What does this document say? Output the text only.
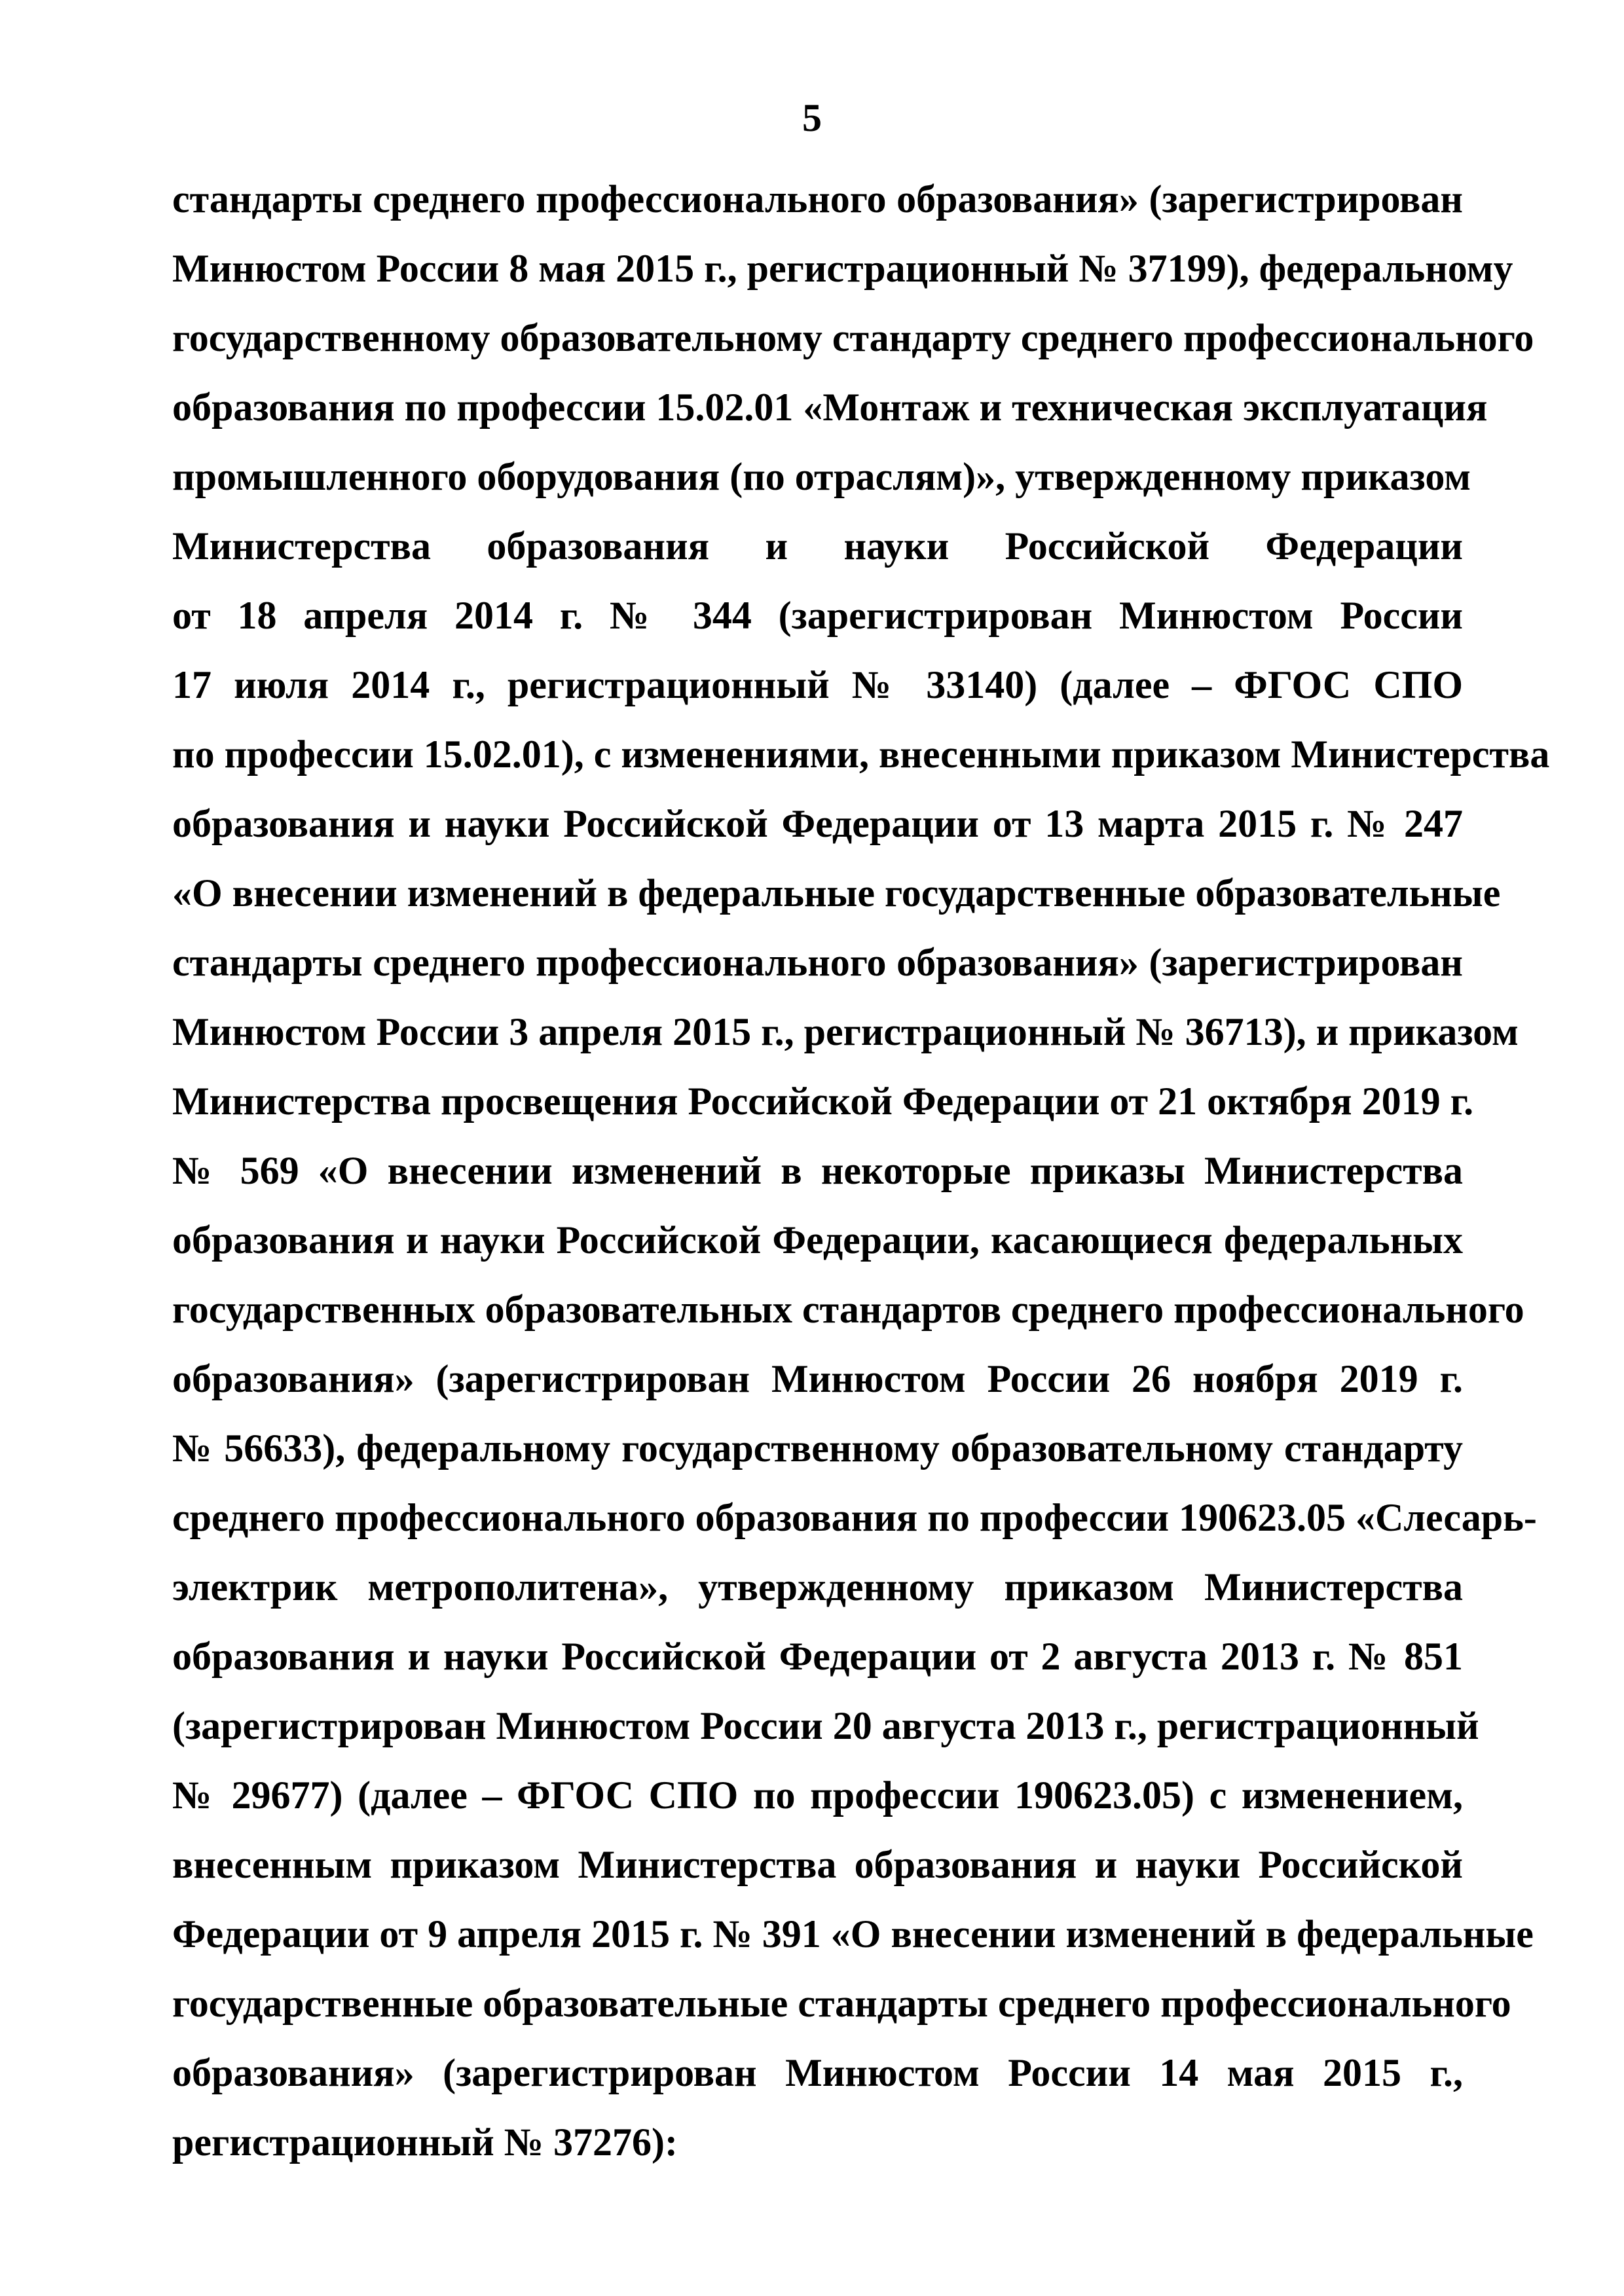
5
стандарты среднего профессионального образования» (зарегистрирован
Минюстом России 8 мая 2015 г., регистрационный № 37199), федеральному
государственному образовательному стандарту среднего профессионального
образования по профессии 15.02.01 «Монтаж и техническая эксплуатация
промышленного оборудования (по отраслям)», утвержденному приказом
Министерства образования и науки Российской Федерации
от 18 апреля 2014 г. № 344 (зарегистрирован Минюстом России
17 июля 2014 г., регистрационный № 33140) (далее – ФГОС СПО
по профессии 15.02.01), с изменениями, внесенными приказом Министерства
образования и науки Российской Федерации от 13 марта 2015 г. № 247
«О внесении изменений в федеральные государственные образовательные
стандарты среднего профессионального образования» (зарегистрирован
Минюстом России 3 апреля 2015 г., регистрационный № 36713), и приказом
Министерства просвещения Российской Федерации от 21 октября 2019 г.
№ 569 «О внесении изменений в некоторые приказы Министерства
образования и науки Российской Федерации, касающиеся федеральных
государственных образовательных стандартов среднего профессионального
образования» (зарегистрирован Минюстом России 26 ноября 2019 г.
№ 56633), федеральному государственному образовательному стандарту
среднего профессионального образования по профессии 190623.05 «Слесарь-
электрик метрополитена», утвержденному приказом Министерства
образования и науки Российской Федерации от 2 августа 2013 г. № 851
(зарегистрирован Минюстом России 20 августа 2013 г., регистрационный
№ 29677) (далее – ФГОС СПО по профессии 190623.05) с изменением,
внесенным приказом Министерства образования и науки Российской
Федерации от 9 апреля 2015 г. № 391 «О внесении изменений в федеральные
государственные образовательные стандарты среднего профессионального
образования» (зарегистрирован Минюстом России 14 мая 2015 г.,
регистрационный № 37276):
